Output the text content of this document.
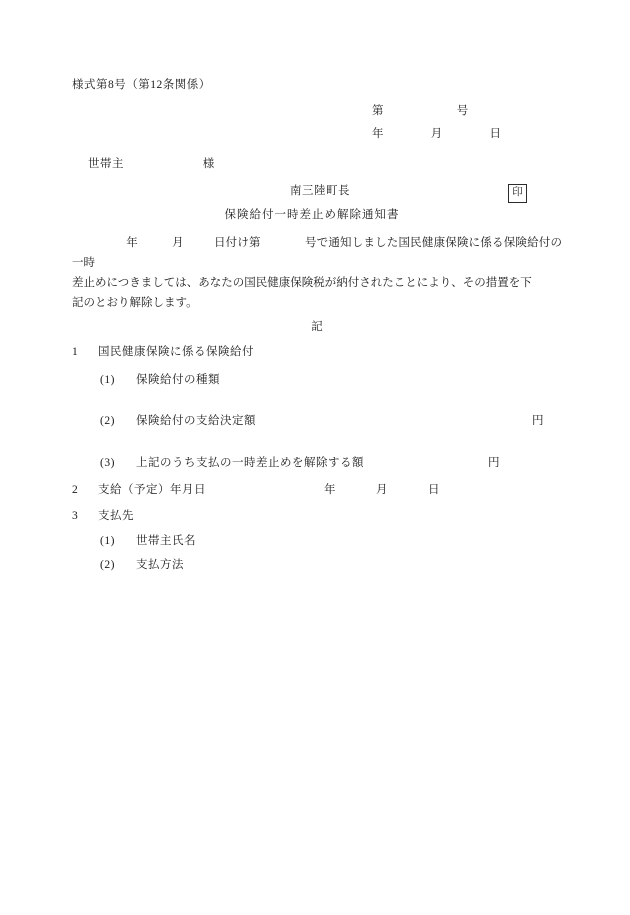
様式第8号（第12条関係）
第	号
年	月	日
世帯主	様
南三陸町長	印
保険給付一時差止め解除通知書
年	月	日付け第	号で通知しました国民健康保険に係る保険給付の一時
差止めにつきましては、あなたの国民健康保険税が納付されたことにより、その措置を下
記のとおり解除します。
記
1 国民健康保険に係る保険給付
(1) 保険給付の種類
(2) 保険給付の支給決定額	円
(3) 上記のうち支払の一時差止めを解除する額	円
2 支給（予定）年月日	年	月	日
3 支払先
(1) 世帯主氏名
(2) 支払方法
